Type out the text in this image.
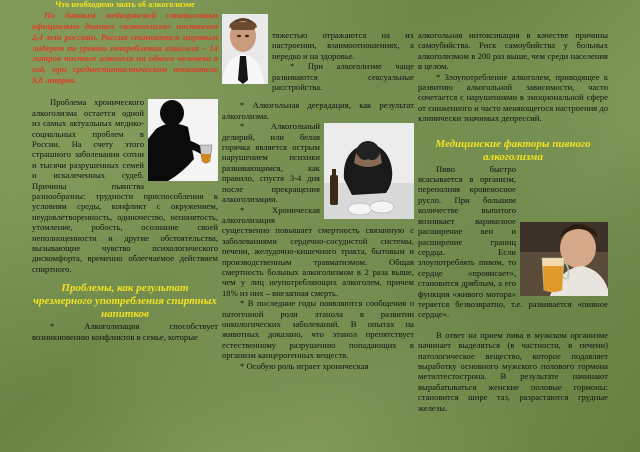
Что необходимо знать об алкоголизме

По данным медицинской статистики официально диагноз «алкоголизм» поставлен 2,4 млн россиян. Россия становится мировым лидером по уровню потребления алкоголя – 14 литров чистого алкоголя на одного человека в год, при среднестатистическом показателе 9,8 литров.

Проблема хронического алкоголизма остается одной из самых актуальных медико-социальных проблем в России. На счету этого страшного заболевания сотни и тысячи разрушенных семей и искалеченных судеб. Причины пьянства разнообразны: трудности приспособления к условиям среды, конфликт с окружением, неудовлетворенность, одиночество, непонятость, утомление, робость, осознание своей неполноценности и другие обстоятельства, вызывающие чувство психологического дискомфорта, временно облегчаемое действием спиртного.

Проблемы, как результат чрезмерного употребления спиртных напитков

* Алкоголизация способствует возникновению конфликтов в семье, которые

тяжестью отражаются на их настроении, взаимоотношениях, а нередко и на здоровье.

* При алкоголизме чаще развиваются сексуальные расстройства.

* Алкогольная деградация, как результат алкоголизма.

* Алкогольный делирий, или белая горячка является острым нарушением психики развивающимся, как правило, спустя 3-4 дня после прекращения алкоголизации.

* Хроническая алкоголизация существенно повышает смертность связанную с заболеваниями сердечно-сосудистой системы, печени, желудочно-кишечного тракта, бытовым и производственным травматизмом. Общая смертность больных алкоголизмом в 2 раза выше, чем у лиц неупотребляющих алкоголем, причем 18% из них – внезапная смерть.

* В последние годы появляются сообщения о патогенной роли этанола в развитии онкологических заболеваний. В опытах на животных доказано, что этанол препятствует естественному разрушению попадающих в организм канцерогенных веществ.

* Особую роль играет хроническая

алкогольная интоксикация в качестве причины самоубийства. Риск самоубийства у больных алкоголизмом в 200 раз выше, чем среди населения в целом.

* Злоупотребление алкоголем, приводящее к развитию алкогольной зависимости, часто сочетается с нарушениями в эмоциональной сфере от сниженного и часто меняющегося настроения до клинически значимых депрессий.

Медицинские факторы пивного алкоголизма

Пиво быстро всасывается в организм, переполняя кровеносное русло. При большом количестве выпитого возникает варикозное расширение вен и расширение границ сердца. Если злоупотреблять пивом, то сердце «провисает», становится дряблым, а его функция «живого мотора» теряется безвозвратно, т.е. развивается «пивное сердце».

В ответ на прием пива в мужском организме начинает выделяться (в частности, в печени) патологическое вещество, которое подавляет выработку основного мужского полового гормона метилтестострона. В результате начинают вырабатываться женские половые гормоны: становится шире таз, разрастаются грудные железы.
